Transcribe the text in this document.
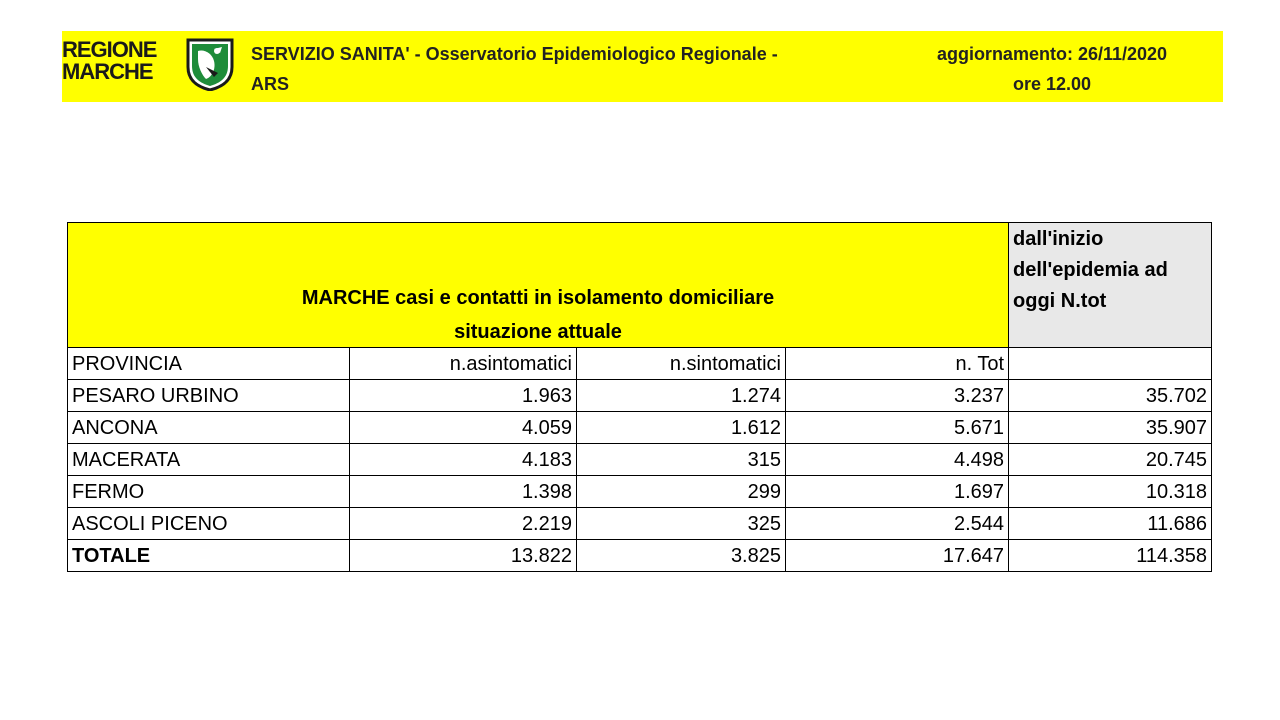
REGIONE
MARCHE
SERVIZIO SANITA' - Osservatorio Epidemiologico Regionale -
ARS
aggiornamento: 26/11/2020
ore 12.00
MARCHE casi e contatti in isolamento domiciliare				dall'inizio dell'epidemia ad oggi N.tot
situazione attuale				
PROVINCIA	n.asintomatici	n.sintomatici	n. Tot	
PESARO URBINO	1.963	1.274	3.237	35.702
ANCONA	4.059	1.612	5.671	35.907
MACERATA	4.183	315	4.498	20.745
FERMO	1.398	299	1.697	10.318
ASCOLI PICENO	2.219	325	2.544	11.686
TOTALE	13.822	3.825	17.647	114.358
